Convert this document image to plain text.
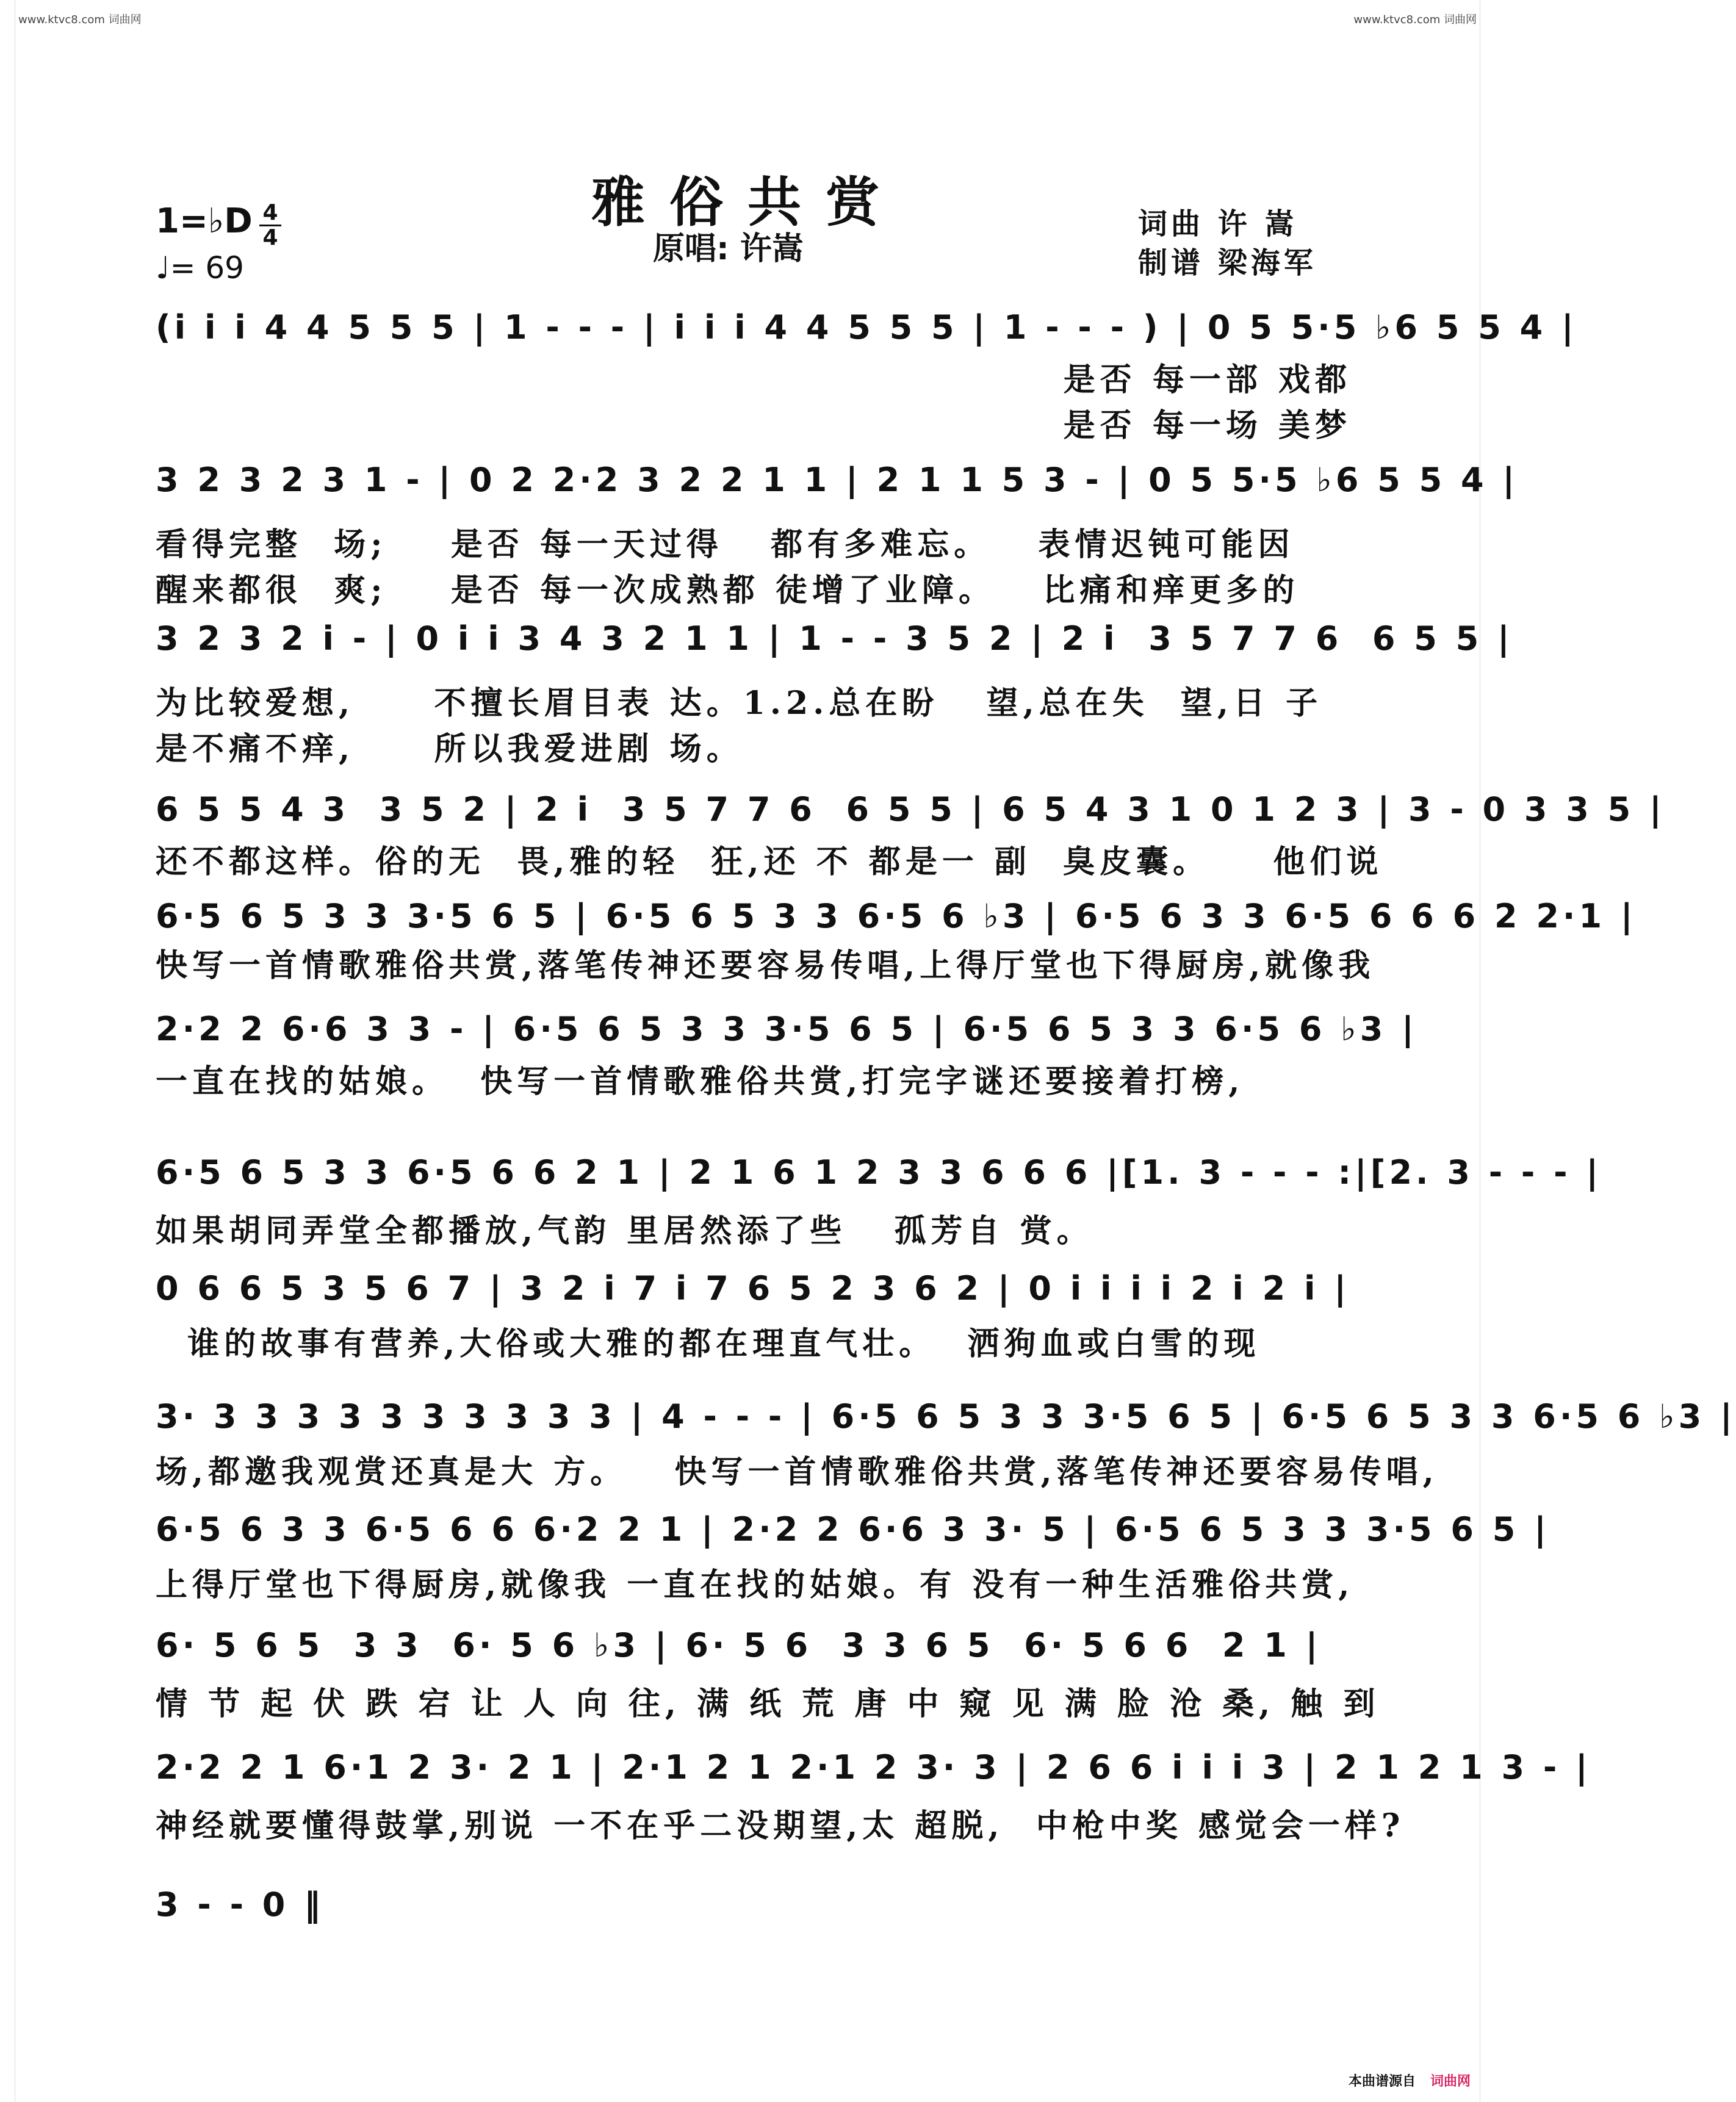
www.ktvc8.com 词曲网	www.ktvc8.com 词曲网
雅俗共赏
原唱: 许嵩
词曲 许 嵩
制谱 梁海军
1=♭D 4
4
♩= 69
(i i i 4 4 5 5 5 | 1 - - - | i i i 4 4 5 5 5 | 1 - - - ) | 0 5 5·5 ♭6 5 5 4 |
是否 每一部 戏都
是否 每一场 美梦
3 2 3 2 3 1 - | 0 2 2·2 3 2 2 1 1 | 2 1 1 5 3 - | 0 5 5·5 ♭6 5 5 4 |
看得完整  场;    是否 每一天过得   都有多难忘。   表情迟钝可能因
醒来都很  爽;    是否 每一次成熟都 徒增了业障。   比痛和痒更多的
3 2 3 2 i - | 0 i i 3 4 3 2 1 1 | 1 - - 3 5 2 | 2 i  3 5 7 7 6  6 5 5 |
为比较爱想,     不擅长眉目表 达。1.2.总在盼   望,总在失  望,日 子
是不痛不痒,     所以我爱进剧 场。
6 5 5 4 3  3 5 2 | 2 i  3 5 7 7 6  6 5 5 | 6 5 4 3 1 0 1 2 3 | 3 - 0 3 3 5 |
还不都这样。俗的无  畏,雅的轻  狂,还 不 都是一 副  臭皮囊。    他们说
6·5 6 5 3 3 3·5 6 5 | 6·5 6 5 3 3 6·5 6 ♭3 | 6·5 6 3 3 6·5 6 6 6 2 2·1 |
快写一首情歌雅俗共赏,落笔传神还要容易传唱,上得厅堂也下得厨房,就像我
2·2 2 6·6 3 3 - | 6·5 6 5 3 3 3·5 6 5 | 6·5 6 5 3 3 6·5 6 ♭3 |
一直在找的姑娘。  快写一首情歌雅俗共赏,打完字谜还要接着打榜,
6·5 6 5 3 3 6·5 6 6 2 1 | 2 1 6 1 2 3 3 6 6 6 |[1. 3 - - - :|[2. 3 - - - |
如果胡同弄堂全都播放,气韵 里居然添了些   孤芳自 赏。
0 6 6 5 3 5 6 7 | 3 2 i 7 i 7 6 5 2 3 6 2 | 0 i i i i 2 i 2 i |
谁的故事有营养,大俗或大雅的都在理直气壮。  洒狗血或白雪的现
3· 3 3 3 3 3 3 3 3 3 3 | 4 - - - | 6·5 6 5 3 3 3·5 6 5 | 6·5 6 5 3 3 6·5 6 ♭3 |
场,都邀我观赏还真是大 方。   快写一首情歌雅俗共赏,落笔传神还要容易传唱,
6·5 6 3 3 6·5 6 6 6·2 2 1 | 2·2 2 6·6 3 3· 5 | 6·5 6 5 3 3 3·5 6 5 |
上得厅堂也下得厨房,就像我 一直在找的姑娘。有 没有一种生活雅俗共赏,
6· 5 6 5  3 3  6· 5 6 ♭3 | 6· 5 6  3 3 6 5  6· 5 6 6  2 1 |
情 节 起 伏 跌 宕 让 人 向 往, 满 纸 荒 唐 中 窥 见 满 脸 沧 桑, 触 到
2·2 2 1 6·1 2 3· 2 1 | 2·1 2 1 2·1 2 3· 3 | 2 6 6 i i i 3 | 2 1 2 1 3 - |
神经就要懂得鼓掌,别说 一不在乎二没期望,太 超脱,  中枪中奖 感觉会一样?
3 - - 0 ‖
本曲谱源自 词曲网
